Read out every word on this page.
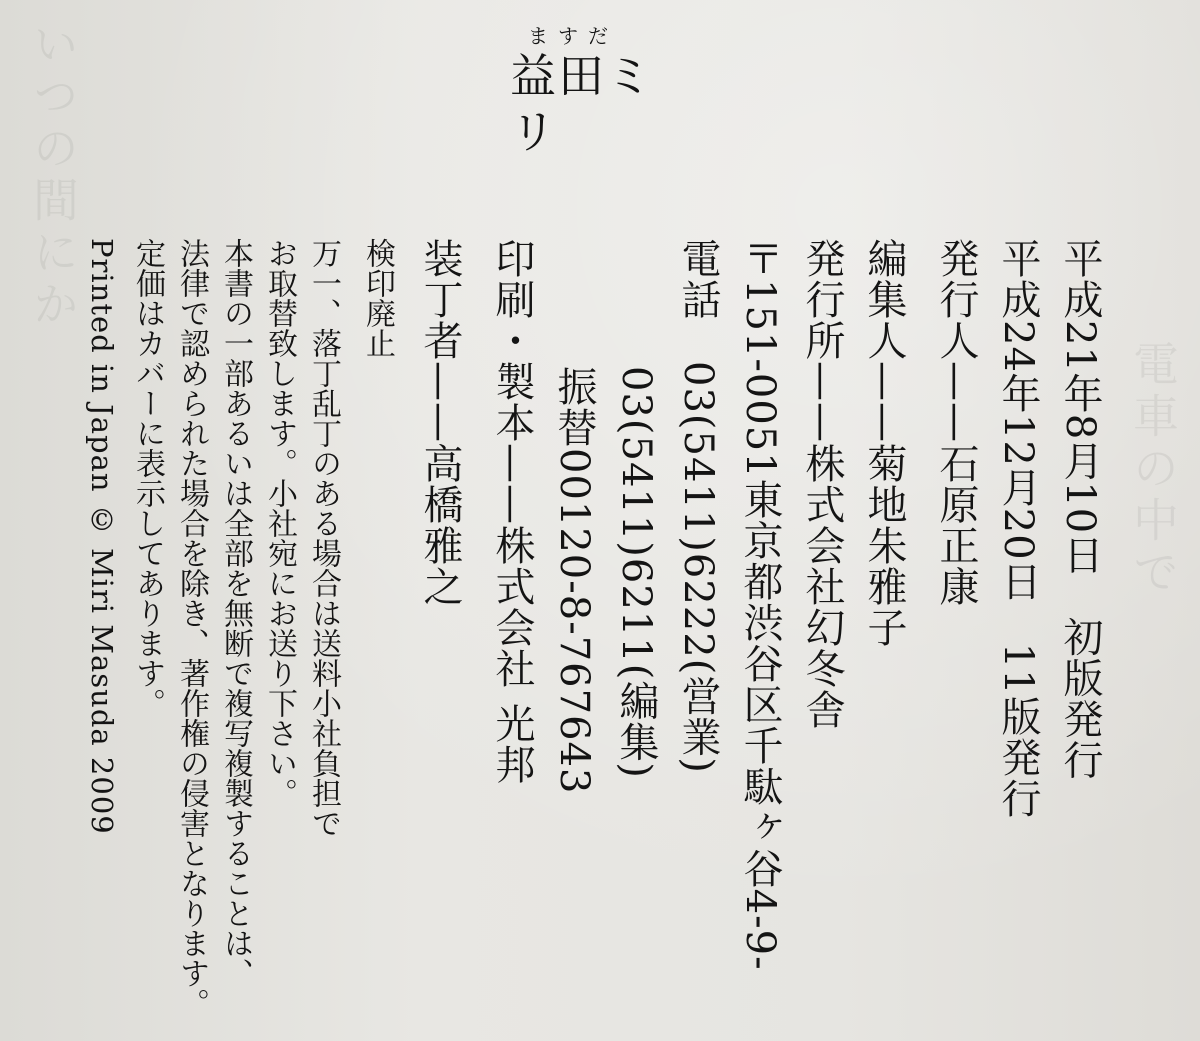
いつの間にか
電車の中で
ますだ
益田ミリ
平成21年8月10日　初版発行
平成24年12月20日　11版発行
発行人——石原正康
編集人——菊地朱雅子
発行所——株式会社幻冬舎
〒151-0051東京都渋谷区千駄ヶ谷4-9-
電話　03(5411)6222(営業)
03(5411)6211(編集)
振替00120-8-767643
印刷・製本——株式会社 光邦
装丁者——高橋雅之
検印廃止
万一、落丁乱丁のある場合は送料小社負担で
お取替致します。小社宛にお送り下さい。
本書の一部あるいは全部を無断で複写複製することは、
法律で認められた場合を除き、著作権の侵害となります。
定価はカバーに表示してあります。
Printed in Japan © Miri Masuda 2009
